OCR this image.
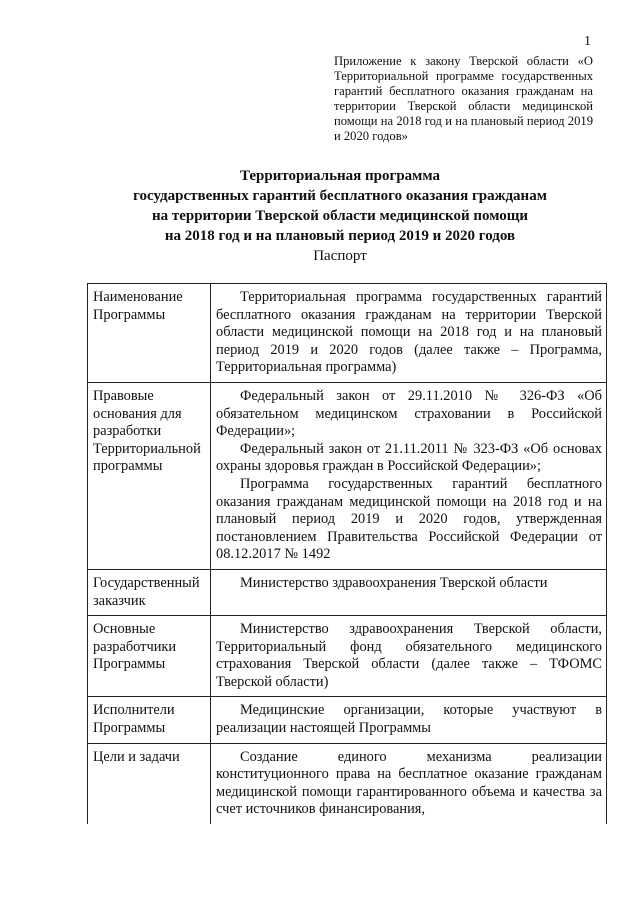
1
Приложение к закону Тверской области «О Территориальной программе государственных гарантий бесплатного оказания гражданам на территории Тверской области медицинской помощи на 2018 год и на плановый период 2019 и 2020 годов»
Территориальная программа
государственных гарантий бесплатного оказания гражданам
на территории Тверской области медицинской помощи
на 2018 год и на плановый период 2019 и 2020 годов
Паспорт
Наименование Программы	Территориальная программа государственных гарантий бесплатного оказания гражданам на территории Тверской области медицинской помощи на 2018 год и на плановый период 2019 и 2020 годов (далее также – Программа, Территориальная программа)

Правовые основания для разработки Территориальной программы	Федеральный закон от 29.11.2010 № 326-ФЗ «Об обязательном медицинском страховании в Российской Федерации»;
Федеральный закон от 21.11.2011 № 323-ФЗ «Об основах охраны здоровья граждан в Российской Федерации»;
Программа государственных гарантий бесплатного оказания гражданам медицинской помощи на 2018 год и на плановый период 2019 и 2020 годов, утвержденная постановлением Правительства Российской Федерации от 08.12.2017 № 1492

Государственный заказчик	Министерство здравоохранения Тверской области

Основные разработчики Программы	Министерство здравоохранения Тверской области, Территориальный фонд обязательного медицинского страхования Тверской области (далее также – ТФОМС Тверской области)

Исполнители Программы	Медицинские организации, которые участвуют в реализации настоящей Программы

Цели и задачи	Создание единого механизма реализации конституционного права на бесплатное оказание гражданам медицинской помощи гарантированного объема и качества за счет источников финансирования,
